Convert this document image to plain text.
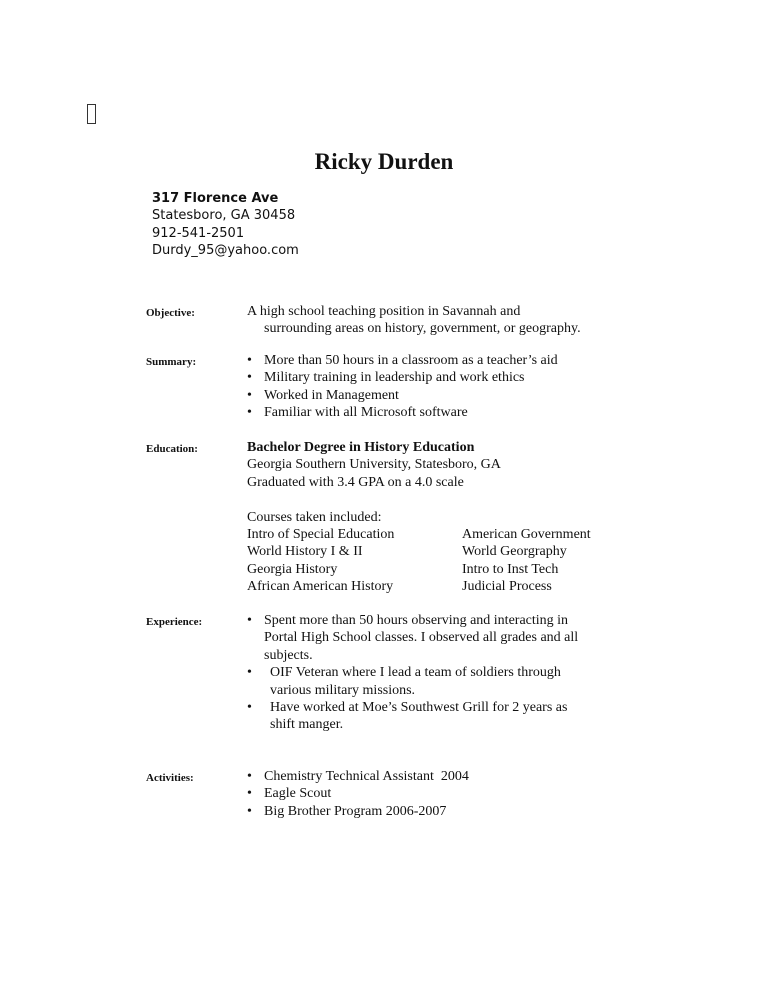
Ricky Durden
317 Florence Ave
Statesboro, GA 30458
912-541-2501
Durdy_95@yahoo.com
Objective:	A high school teaching position in Savannah and
surrounding areas on history, government, or geography.
Summary:	• More than 50 hours in a classroom as a teacher’s aid
• Military training in leadership and work ethics
• Worked in Management
• Familiar with all Microsoft software
Education:	Bachelor Degree in History Education
Georgia Southern University, Statesboro, GA
Graduated with 3.4 GPA on a 4.0 scale
Courses taken included:
Intro of Special Education	American Government
World History I & II	World Georgraphy
Georgia History	Intro to Inst Tech
African American History	Judicial Process
Experience:	• Spent more than 50 hours observing and interacting in
Portal High School classes. I observed all grades and all
subjects.
• OIF Veteran where I lead a team of soldiers through
various military missions.
• Have worked at Moe’s Southwest Grill for 2 years as
shift manger.
Activities:	• Chemistry Technical Assistant  2004
• Eagle Scout
• Big Brother Program 2006-2007
